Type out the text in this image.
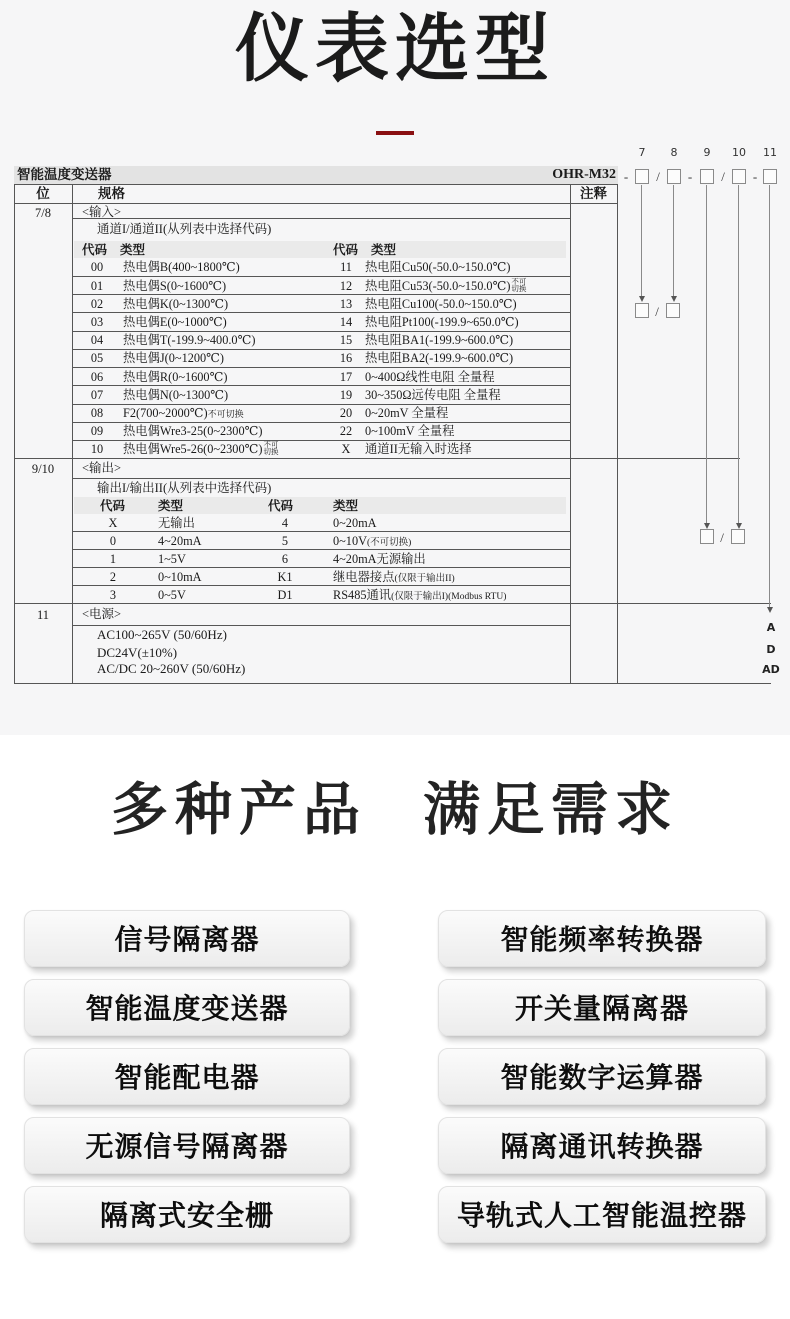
仪表选型
智能温度变送器	OHR-M32
位	规格	注释
7/8	<输入>
通道I/通道II(从列表中选择代码)
代码 类型	代码 类型
00	热电偶B(400~1800℃)	11	热电阻Cu50(-50.0~150.0℃)
01	热电偶S(0~1600℃)	12	热电阻Cu53(-50.0~150.0℃)不可切换
02	热电偶K(0~1300℃)	13	热电阻Cu100(-50.0~150.0℃)
03	热电偶E(0~1000℃)	14	热电阻Pt100(-199.9~650.0℃)
04	热电偶T(-199.9~400.0℃)	15	热电阻BA1(-199.9~600.0℃)
05	热电偶J(0~1200℃)	16	热电阻BA2(-199.9~600.0℃)
06	热电偶R(0~1600℃)	17	0~400Ω线性电阻 全量程
07	热电偶N(0~1300℃)	19	30~350Ω远传电阻 全量程
08	F2(700~2000℃)不可切换	20	0~20mV 全量程
09	热电偶Wre3-25(0~2300℃)	22	0~100mV 全量程
10	热电偶Wre5-26(0~2300℃)不可切换	X	通道II无输入时选择
9/10	<输出>
输出I/输出II(从列表中选择代码)
代码	类型	代码	类型
X	无输出	4	0~20mA
0	4~20mA	5	0~10V(不可切换)
1	1~5V	6	4~20mA无源输出
2	0~10mA	K1	继电器接点(仅限于输出II)
3	0~5V	D1	RS485通讯(仅限于输出I)(Modbus RTU)
11	<电源>
AC100~265V (50/60Hz)
DC24V(±10%)
AC/DC 20~260V (50/60Hz)
7	8	9	10 11
- / - / -
/
/
A
D
AD
多种产品 满足需求
信号隔离器
智能温度变送器
智能配电器
无源信号隔离器
隔离式安全栅
智能频率转换器
开关量隔离器
智能数字运算器
隔离通讯转换器
导轨式人工智能温控器
